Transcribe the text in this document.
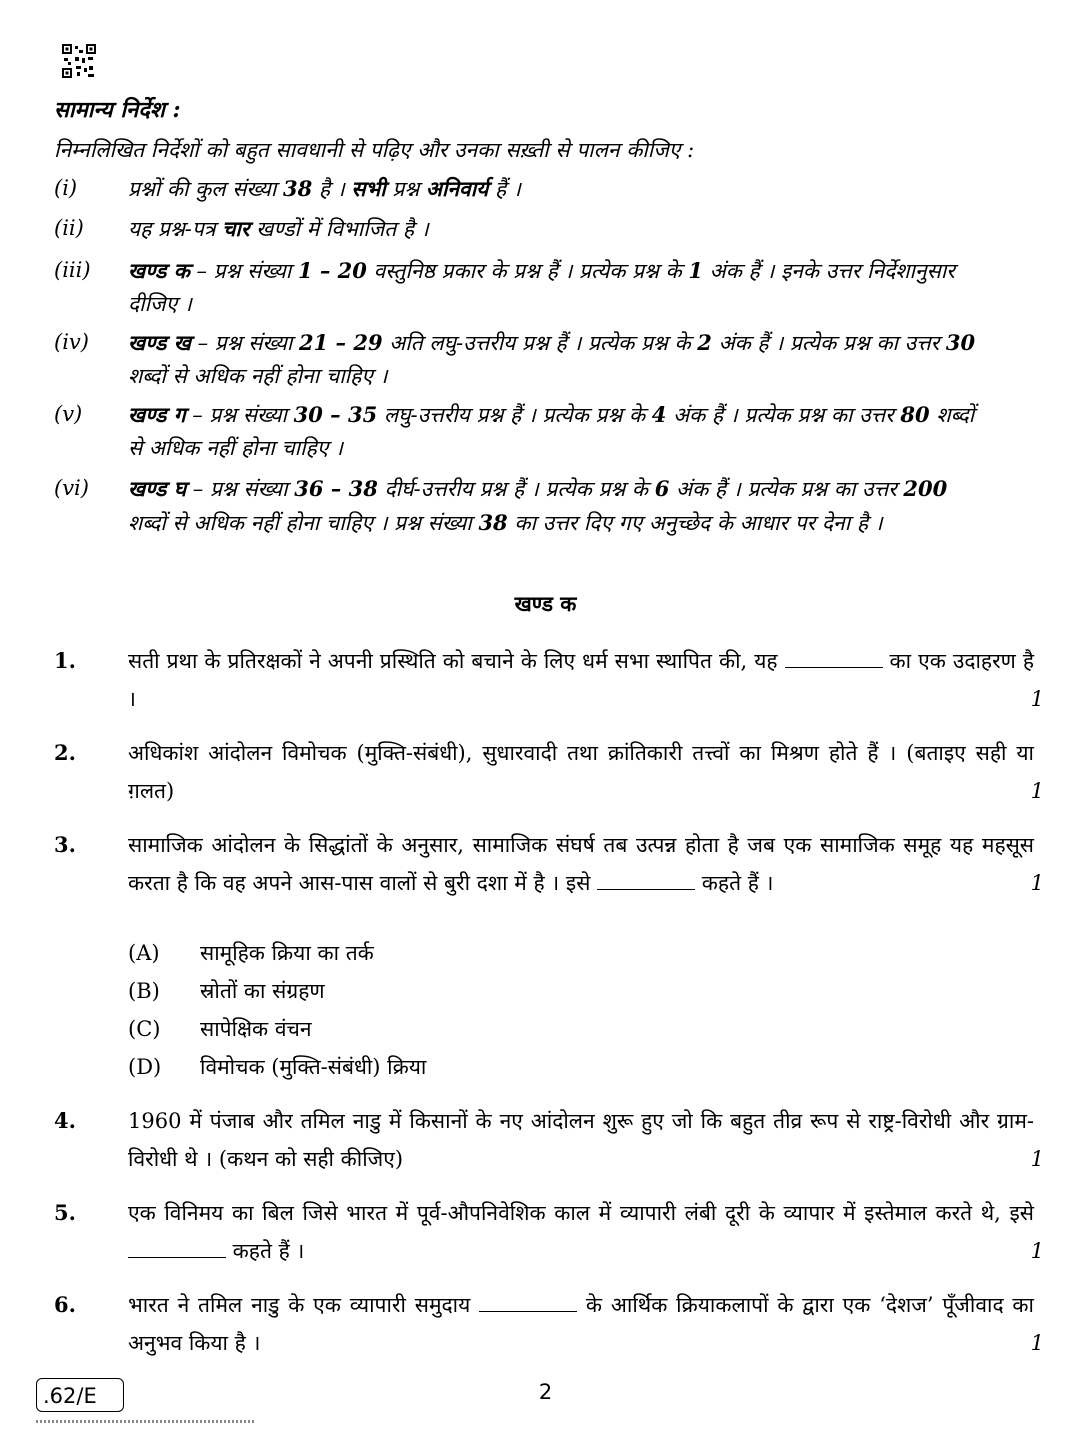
सामान्य निर्देश :
निम्नलिखित निर्देशों को बहुत सावधानी से पढ़िए और उनका सख़्ती से पालन कीजिए :
(i)	प्रश्नों की कुल संख्या 38 है । सभी प्रश्न अनिवार्य हैं ।
(ii)	यह प्रश्न-पत्र चार खण्डों में विभाजित है ।
(iii)	खण्ड क – प्रश्न संख्या 1 – 20 वस्तुनिष्ठ प्रकार के प्रश्न हैं । प्रत्येक प्रश्न के 1 अंक हैं । इनके उत्तर निर्देशानुसार दीजिए ।
(iv)	खण्ड ख – प्रश्न संख्या 21 – 29 अति लघु-उत्तरीय प्रश्न हैं । प्रत्येक प्रश्न के 2 अंक हैं । प्रत्येक प्रश्न का उत्तर 30 शब्दों से अधिक नहीं होना चाहिए ।
(v)	खण्ड ग – प्रश्न संख्या 30 – 35 लघु-उत्तरीय प्रश्न हैं । प्रत्येक प्रश्न के 4 अंक हैं । प्रत्येक प्रश्न का उत्तर 80 शब्दों से अधिक नहीं होना चाहिए ।
(vi)	खण्ड घ – प्रश्न संख्या 36 – 38 दीर्घ-उत्तरीय प्रश्न हैं । प्रत्येक प्रश्न के 6 अंक हैं । प्रत्येक प्रश्न का उत्तर 200 शब्दों से अधिक नहीं होना चाहिए । प्रश्न संख्या 38 का उत्तर दिए गए अनुच्छेद के आधार पर देना है ।
खण्ड क
1.	सती प्रथा के प्रतिरक्षकों ने अपनी प्रस्थिति को बचाने के लिए धर्म सभा स्थापित की, यह	का एक उदाहरण है ।	1
2.	अधिकांश आंदोलन विमोचक (मुक्ति-संबंधी), सुधारवादी तथा क्रांतिकारी तत्त्वों का मिश्रण होते हैं । (बताइए सही या ग़लत)	1
3.	सामाजिक आंदोलन के सिद्धांतों के अनुसार, सामाजिक संघर्ष तब उत्पन्न होता है जब एक सामाजिक समूह यह महसूस करता है कि वह अपने आस-पास वालों से बुरी दशा में है । इसे	कहते हैं ।	1
(A)	सामूहिक क्रिया का तर्क
(B)	स्रोतों का संग्रहण
(C)	सापेक्षिक वंचन
(D)	विमोचक (मुक्ति-संबंधी) क्रिया
4.	1960 में पंजाब और तमिल नाडु में किसानों के नए आंदोलन शुरू हुए जो कि बहुत तीव्र रूप से राष्ट्र-विरोधी और ग्राम-विरोधी थे । (कथन को सही कीजिए)	1
5.	एक विनिमय का बिल जिसे भारत में पूर्व-औपनिवेशिक काल में व्यापारी लंबी दूरी के व्यापार में इस्तेमाल करते थे, इसे  कहते हैं ।	1
6.	भारत ने तमिल नाडु के एक व्यापारी समुदाय	के आर्थिक क्रियाकलापों के द्वारा एक ‘देशज’ पूँजीवाद का अनुभव किया है ।	1
.62/E	2
